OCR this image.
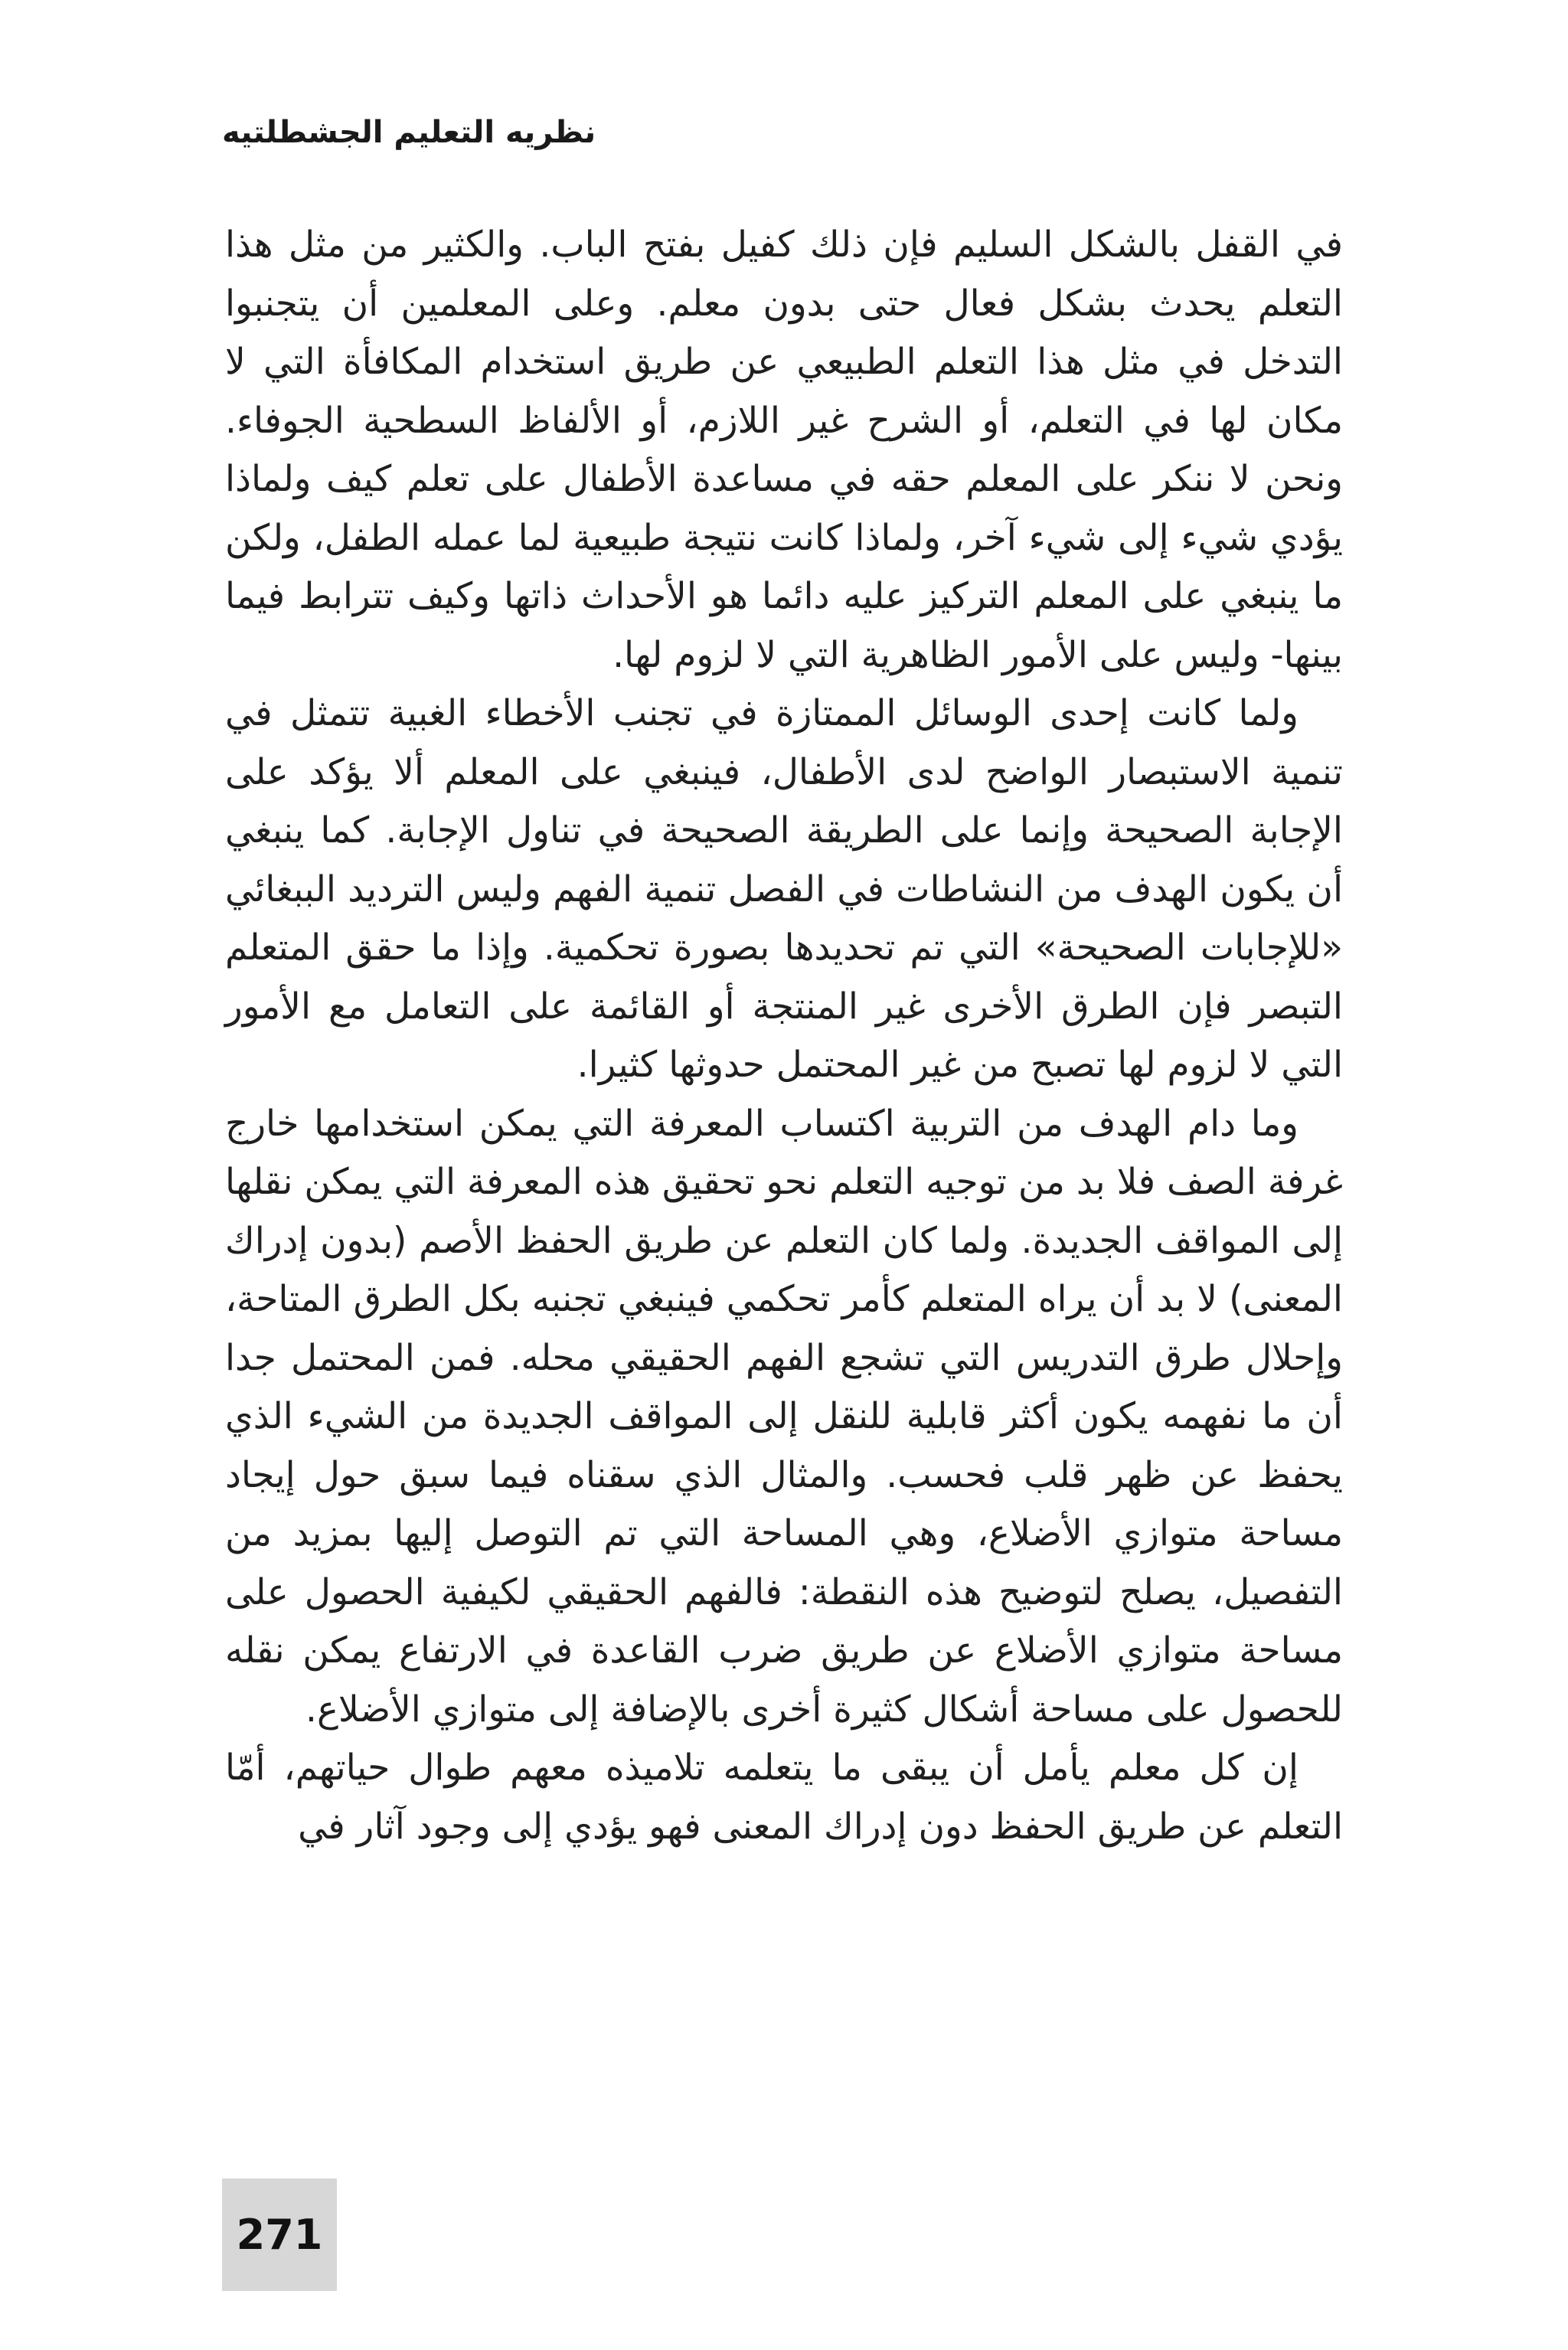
نظريه التعليم الجشطلتيه

في القفل بالشكل السليم فإن ذلك كفيل بفتح الباب. والكثير من مثل هذا التعلم يحدث بشكل فعال حتى بدون معلم. وعلى المعلمين أن يتجنبوا التدخل في مثل هذا التعلم الطبيعي عن طريق استخدام المكافأة التي لا مكان لها في التعلم، أو الشرح غير اللازم، أو الألفاظ السطحية الجوفاء. ونحن لا ننكر على المعلم حقه في مساعدة الأطفال على تعلم كيف ولماذا يؤدي شيء إلى شيء آخر، ولماذا كانت نتيجة طبيعية لما عمله الطفل، ولكن ما ينبغي على المعلم التركيز عليه دائما هو الأحداث ذاتها وكيف تترابط فيما بينها- وليس على الأمور الظاهرية التي لا لزوم لها.

ولما كانت إحدى الوسائل الممتازة في تجنب الأخطاء الغبية تتمثل في تنمية الاستبصار الواضح لدى الأطفال، فينبغي على المعلم ألا يؤكد على الإجابة الصحيحة وإنما على الطريقة الصحيحة في تناول الإجابة. كما ينبغي أن يكون الهدف من النشاطات في الفصل تنمية الفهم وليس الترديد الببغائي «للإجابات الصحيحة» التي تم تحديدها بصورة تحكمية. وإذا ما حقق المتعلم التبصر فإن الطرق الأخرى غير المنتجة أو القائمة على التعامل مع الأمور التي لا لزوم لها تصبح من غير المحتمل حدوثها كثيرا.

وما دام الهدف من التربية اكتساب المعرفة التي يمكن استخدامها خارج غرفة الصف فلا بد من توجيه التعلم نحو تحقيق هذه المعرفة التي يمكن نقلها إلى المواقف الجديدة. ولما كان التعلم عن طريق الحفظ الأصم (بدون إدراك المعنى) لا بد أن يراه المتعلم كأمر تحكمي فينبغي تجنبه بكل الطرق المتاحة، وإحلال طرق التدريس التي تشجع الفهم الحقيقي محله. فمن المحتمل جدا أن ما نفهمه يكون أكثر قابلية للنقل إلى المواقف الجديدة من الشيء الذي يحفظ عن ظهر قلب فحسب. والمثال الذي سقناه فيما سبق حول إيجاد مساحة متوازي الأضلاع، وهي المساحة التي تم التوصل إليها بمزيد من التفصيل، يصلح لتوضيح هذه النقطة: فالفهم الحقيقي لكيفية الحصول على مساحة متوازي الأضلاع عن طريق ضرب القاعدة في الارتفاع يمكن نقله للحصول على مساحة أشكال كثيرة أخرى بالإضافة إلى متوازي الأضلاع.

إن كل معلم يأمل أن يبقى ما يتعلمه تلاميذه معهم طوال حياتهم، أمّا التعلم عن طريق الحفظ دون إدراك المعنى فهو يؤدي إلى وجود آثار في

271
